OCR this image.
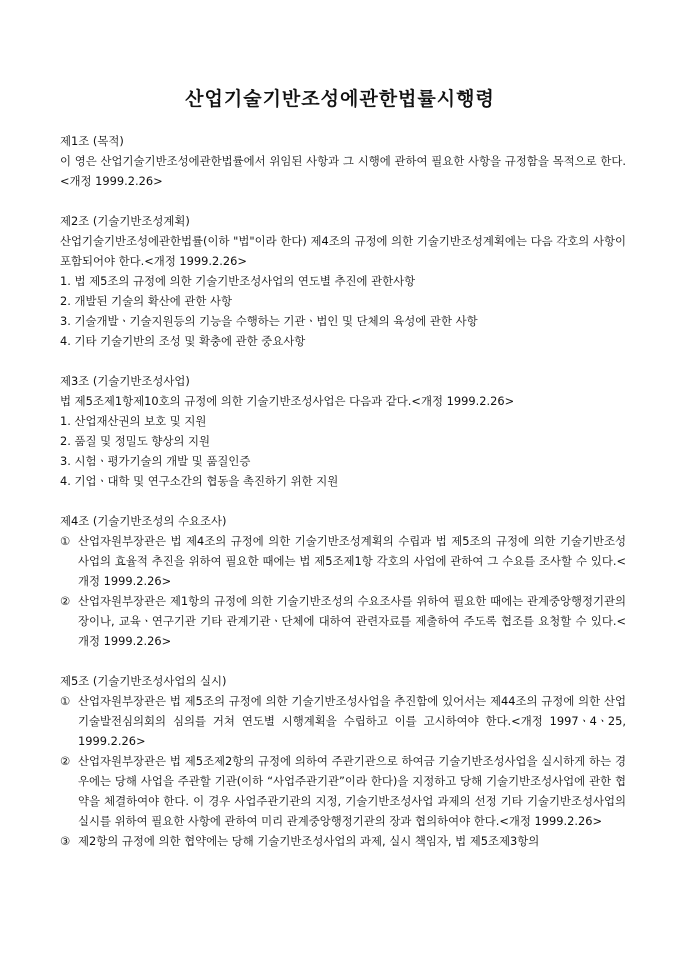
산업기술기반조성에관한법률시행령

제1조 (목적)

이 영은 산업기술기반조성에관한법률에서 위임된 사항과 그 시행에 관하여 필요한 사항을 규정함을 목적으로 한다.<개정 1999.2.26>

제2조 (기술기반조성계획)

산업기술기반조성에관한법률(이하 "법"이라 한다) 제4조의 규정에 의한 기술기반조성계획에는 다음 각호의 사항이 포함되어야 한다.<개정 1999.2.26>

1. 법 제5조의 규정에 의한 기술기반조성사업의 연도별 추진에 관한사항

2. 개발된 기술의 확산에 관한 사항

3. 기술개발ㆍ기술지원등의 기능을 수행하는 기관ㆍ법인 및 단체의 육성에 관한 사항

4. 기타 기술기반의 조성 및 확충에 관한 중요사항

제3조 (기술기반조성사업)

법 제5조제1항제10호의 규정에 의한 기술기반조성사업은 다음과 같다.<개정 1999.2.26>

1. 산업재산권의 보호 및 지원

2. 품질 및 정밀도 향상의 지원

3. 시험ㆍ평가기술의 개발 및 품질인증

4. 기업ㆍ대학 및 연구소간의 협동을 촉진하기 위한 지원

제4조 (기술기반조성의 수요조사)

① 산업자원부장관은 법 제4조의 규정에 의한 기술기반조성계획의 수립과 법 제5조의 규정에 의한 기술기반조성사업의 효율적 추진을 위하여 필요한 때에는 법 제5조제1항 각호의 사업에 관하여 그 수요를 조사할 수 있다.<개정 1999.2.26>
② 산업자원부장관은 제1항의 규정에 의한 기술기반조성의 수요조사를 위하여 필요한 때에는 관계중앙행정기관의 장이나, 교육ㆍ연구기관 기타 관계기관ㆍ단체에 대하여 관련자료를 제출하여 주도록 협조를 요청할 수 있다.<개정 1999.2.26>

제5조 (기술기반조성사업의 실시)

① 산업자원부장관은 법 제5조의 규정에 의한 기술기반조성사업을 추진함에 있어서는 제44조의 규정에 의한 산업기술발전심의회의 심의를 거쳐 연도별 시행계획을 수립하고 이를 고시하여야 한다.<개정 1997ㆍ4ㆍ25, 1999.2.26>
② 산업자원부장관은 법 제5조제2항의 규정에 의하여 주관기관으로 하여금 기술기반조성사업을 실시하게 하는 경우에는 당해 사업을 주관할 기관(이하 “사업주관기관”이라 한다)을 지정하고 당해 기술기반조성사업에 관한 협약을 체결하여야 한다. 이 경우 사업주관기관의 지정, 기술기반조성사업 과제의 선정 기타 기술기반조성사업의 실시를 위하여 필요한 사항에 관하여 미리 관계중앙행정기관의 장과 협의하여야 한다.<개정 1999.2.26>
③ 제2항의 규정에 의한 협약에는 당해 기술기반조성사업의 과제, 실시 책임자, 법 제5조제3항의
